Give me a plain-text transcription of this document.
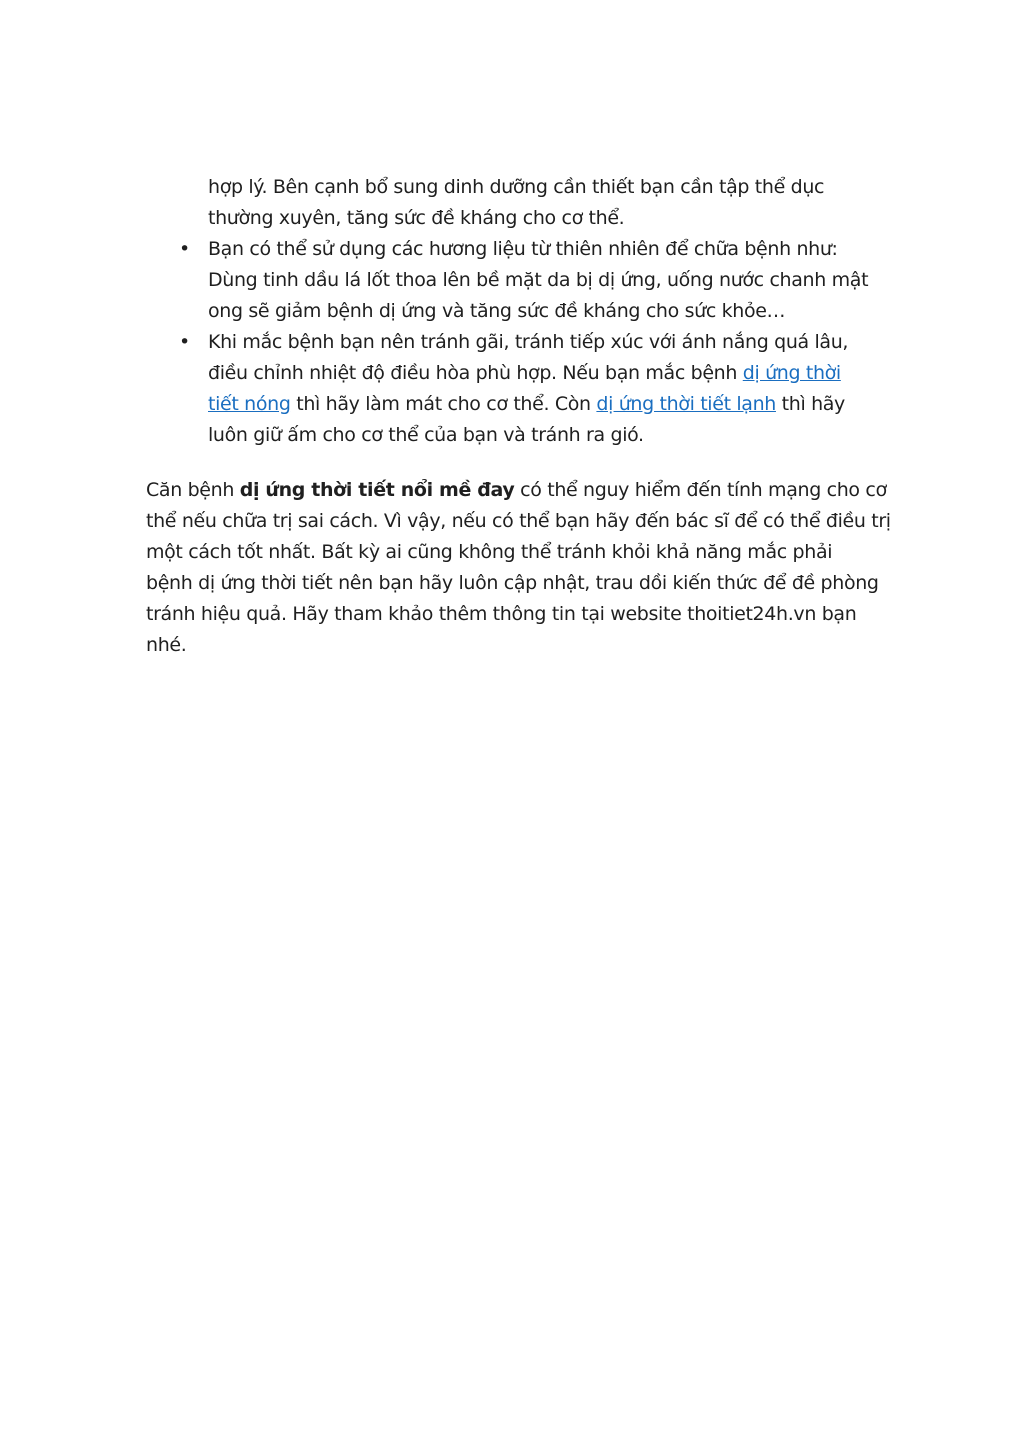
hợp lý. Bên cạnh bổ sung dinh dưỡng cần thiết bạn cần tập thể dục
thường xuyên, tăng sức đề kháng cho cơ thể.
• Bạn có thể sử dụng các hương liệu từ thiên nhiên để chữa bệnh như:
Dùng tinh dầu lá lốt thoa lên bề mặt da bị dị ứng, uống nước chanh mật
ong sẽ giảm bệnh dị ứng và tăng sức đề kháng cho sức khỏe…
• Khi mắc bệnh bạn nên tránh gãi, tránh tiếp xúc với ánh nắng quá lâu,
điều chỉnh nhiệt độ điều hòa phù hợp. Nếu bạn mắc bệnh dị ứng thời
tiết nóng thì hãy làm mát cho cơ thể. Còn dị ứng thời tiết lạnh thì hãy
luôn giữ ấm cho cơ thể của bạn và tránh ra gió.
Căn bệnh dị ứng thời tiết nổi mề đay có thể nguy hiểm đến tính mạng cho cơ
thể nếu chữa trị sai cách. Vì vậy, nếu có thể bạn hãy đến bác sĩ để có thể điều trị
một cách tốt nhất. Bất kỳ ai cũng không thể tránh khỏi khả năng mắc phải
bệnh dị ứng thời tiết nên bạn hãy luôn cập nhật, trau dồi kiến thức để đề phòng
tránh hiệu quả. Hãy tham khảo thêm thông tin tại website thoitiet24h.vn bạn
nhé.
